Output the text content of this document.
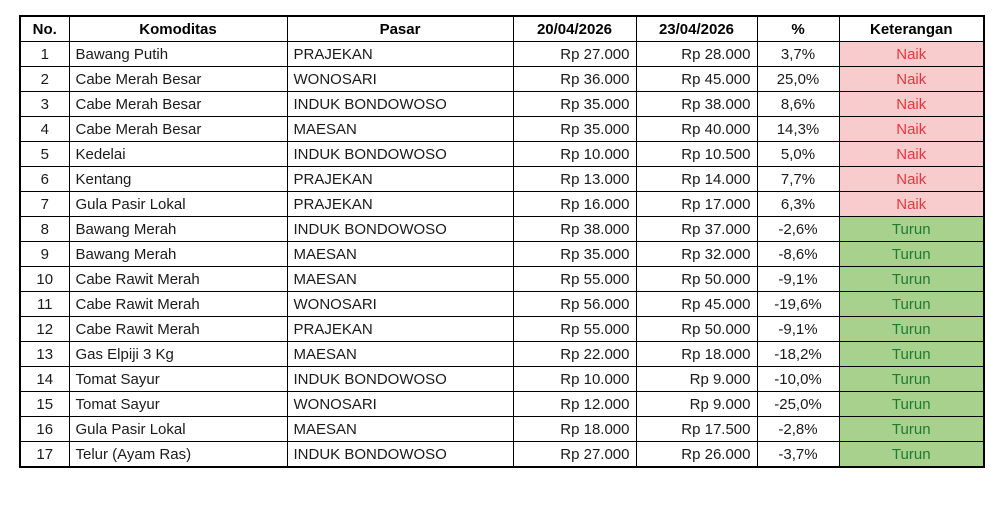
No.	Komoditas	Pasar	20/04/2026	23/04/2026	%	Keterangan
1	Bawang Putih	PRAJEKAN	Rp 27.000	Rp 28.000	3,7%	Naik
2	Cabe Merah Besar	WONOSARI	Rp 36.000	Rp 45.000	25,0%	Naik
3	Cabe Merah Besar	INDUK BONDOWOSO	Rp 35.000	Rp 38.000	8,6%	Naik
4	Cabe Merah Besar	MAESAN	Rp 35.000	Rp 40.000	14,3%	Naik
5	Kedelai	INDUK BONDOWOSO	Rp 10.000	Rp 10.500	5,0%	Naik
6	Kentang	PRAJEKAN	Rp 13.000	Rp 14.000	7,7%	Naik
7	Gula Pasir Lokal	PRAJEKAN	Rp 16.000	Rp 17.000	6,3%	Naik
8	Bawang Merah	INDUK BONDOWOSO	Rp 38.000	Rp 37.000	-2,6%	Turun
9	Bawang Merah	MAESAN	Rp 35.000	Rp 32.000	-8,6%	Turun
10	Cabe Rawit Merah	MAESAN	Rp 55.000	Rp 50.000	-9,1%	Turun
11	Cabe Rawit Merah	WONOSARI	Rp 56.000	Rp 45.000	-19,6%	Turun
12	Cabe Rawit Merah	PRAJEKAN	Rp 55.000	Rp 50.000	-9,1%	Turun
13	Gas Elpiji 3 Kg	MAESAN	Rp 22.000	Rp 18.000	-18,2%	Turun
14	Tomat Sayur	INDUK BONDOWOSO	Rp 10.000	Rp 9.000	-10,0%	Turun
15	Tomat Sayur	WONOSARI	Rp 12.000	Rp 9.000	-25,0%	Turun
16	Gula Pasir Lokal	MAESAN	Rp 18.000	Rp 17.500	-2,8%	Turun
17	Telur (Ayam Ras)	INDUK BONDOWOSO	Rp 27.000	Rp 26.000	-3,7%	Turun
